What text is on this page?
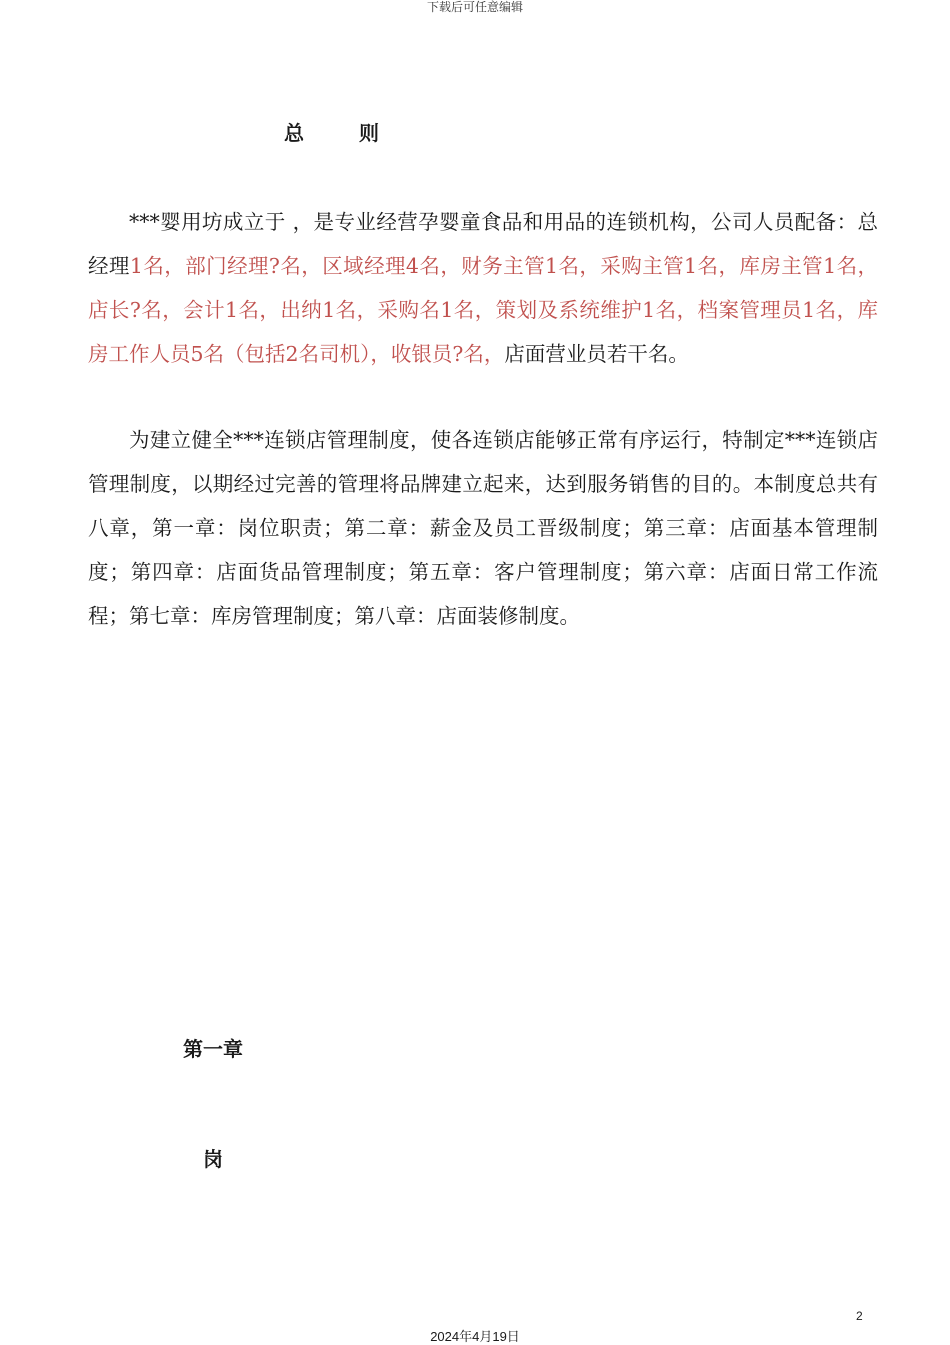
下载后可任意编辑
总 则

***婴用坊成立于 ，是专业经营孕婴童食品和用品的连锁机构，公司人员配备：总经理1名，部门经理?名，区域经理4名，财务主管1名，采购主管1名，库房主管1名，店长?名，会计1名，出纳1名，采购名1名，策划及系统维护1名，档案管理员1名，库房工作人员5名（包括2名司机），收银员?名，店面营业员若干名。

为建立健全***连锁店管理制度，使各连锁店能够正常有序运行，特制定***连锁店管理制度，以期经过完善的管理将品牌建立起来，达到服务销售的目的。本制度总共有八章，第一章：岗位职责；第二章：薪金及员工晋级制度；第三章：店面基本管理制度；第四章：店面货品管理制度；第五章：客户管理制度；第六章：店面日常工作流程；第七章：库房管理制度；第八章：店面装修制度。

第一章
岗
2
2024年4月19日
